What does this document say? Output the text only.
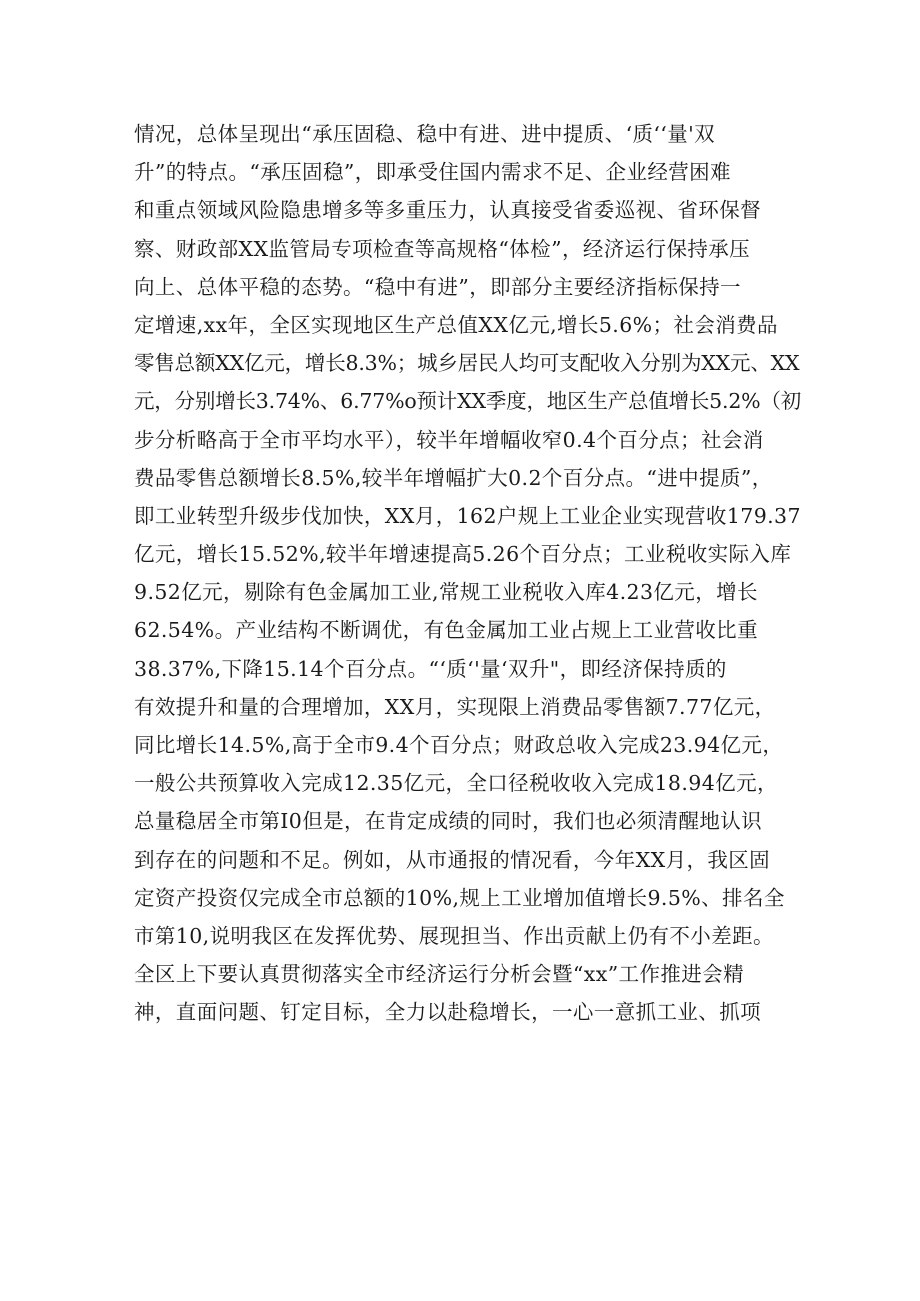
情况，总体呈现出“承压固稳、稳中有进、进中提质、‘质‘‘量'双
升”的特点。“承压固稳”，即承受住国内需求不足、企业经营困难
和重点领域风险隐患增多等多重压力，认真接受省委巡视、省环保督
察、财政部XX监管局专项检查等高规格“体检”，经济运行保持承压
向上、总体平稳的态势。“稳中有进”，即部分主要经济指标保持一
定增速,xx年，全区实现地区生产总值XX亿元,增长5.6%；社会消费品
零售总额XX亿元，增长8.3%；城乡居民人均可支配收入分别为XX元、XX
元，分别增长3.74%、6.77%o预计XX季度，地区生产总值增长5.2%（初
步分析略高于全市平均水平），较半年增幅收窄0.4个百分点；社会消
费品零售总额增长8.5%,较半年增幅扩大0.2个百分点。“进中提质”，
即工业转型升级步伐加快，XX月，162户规上工业企业实现营收179.37
亿元，增长15.52%,较半年增速提高5.26个百分点；工业税收实际入库
9.52亿元，剔除有色金属加工业,常规工业税收入库4.23亿元，增长
62.54%。产业结构不断调优，有色金属加工业占规上工业营收比重
38.37%,下降15.14个百分点。“‘质‘'量‘双升"，即经济保持质的
有效提升和量的合理增加，XX月，实现限上消费品零售额7.77亿元，
同比增长14.5%,高于全市9.4个百分点；财政总收入完成23.94亿元，
一般公共预算收入完成12.35亿元，全口径税收收入完成18.94亿元，
总量稳居全市第I0但是，在肯定成绩的同时，我们也必须清醒地认识
到存在的问题和不足。例如，从市通报的情况看，今年XX月，我区固
定资产投资仅完成全市总额的10%,规上工业增加值增长9.5%、排名全
市第10,说明我区在发挥优势、展现担当、作出贡献上仍有不小差距。
全区上下要认真贯彻落实全市经济运行分析会暨“xx”工作推进会精
神，直面问题、钉定目标，全力以赴稳增长，一心一意抓工业、抓项
